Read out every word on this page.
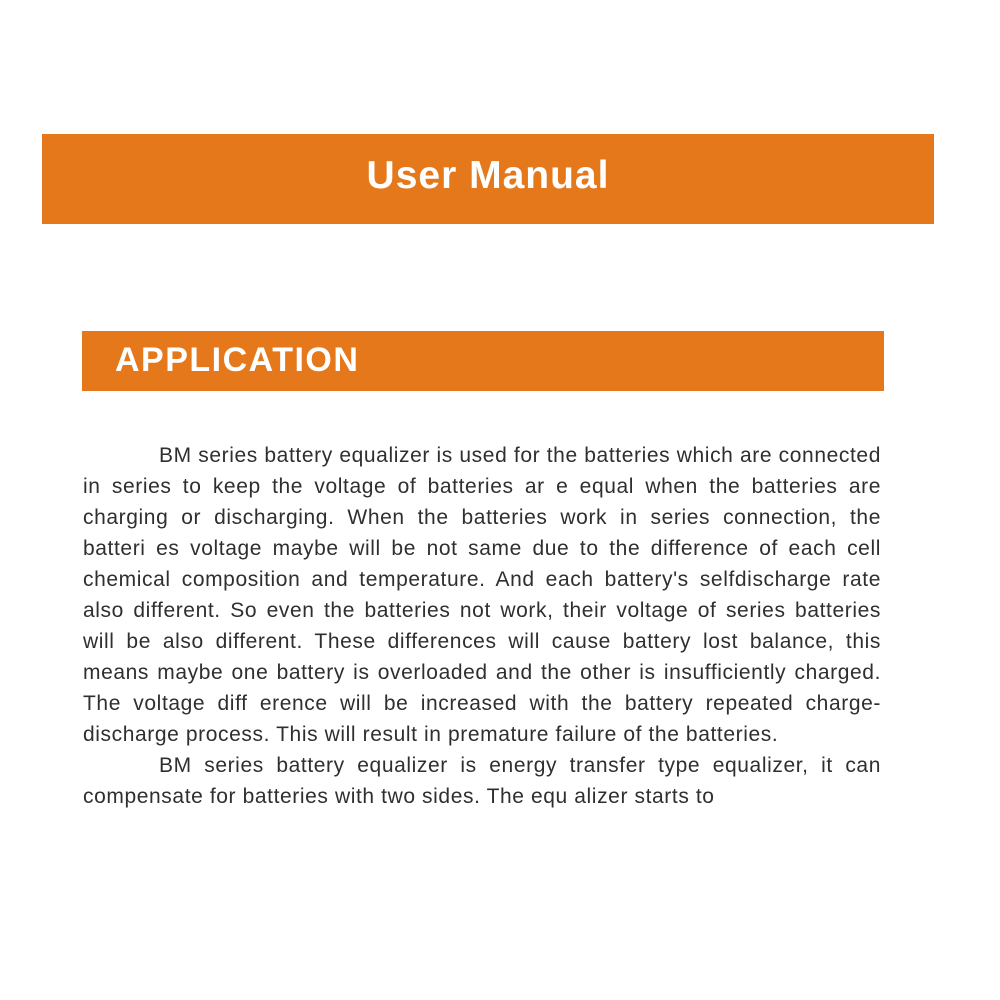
User Manual
APPLICATION

BM series battery equalizer is used for the batteries which are connected in series to keep the voltage of batteries ar e equal when the batteries are charging or discharging. When the batteries work in series connection, the batteri es voltage maybe will be not same due to the difference of each cell chemical composition and temperature. And each battery's selfdischarge rate also different. So even the batteries not work, their voltage of series batteries will be also different. These differences will cause battery lost balance, this means maybe one battery is overloaded and the other is insufficiently charged. The voltage diff erence will be increased with the battery repeated charge-discharge process. This will result in premature failure of the batteries.

BM series battery equalizer is energy transfer type equalizer, it can compensate for batteries with two sides. The equ alizer starts to
